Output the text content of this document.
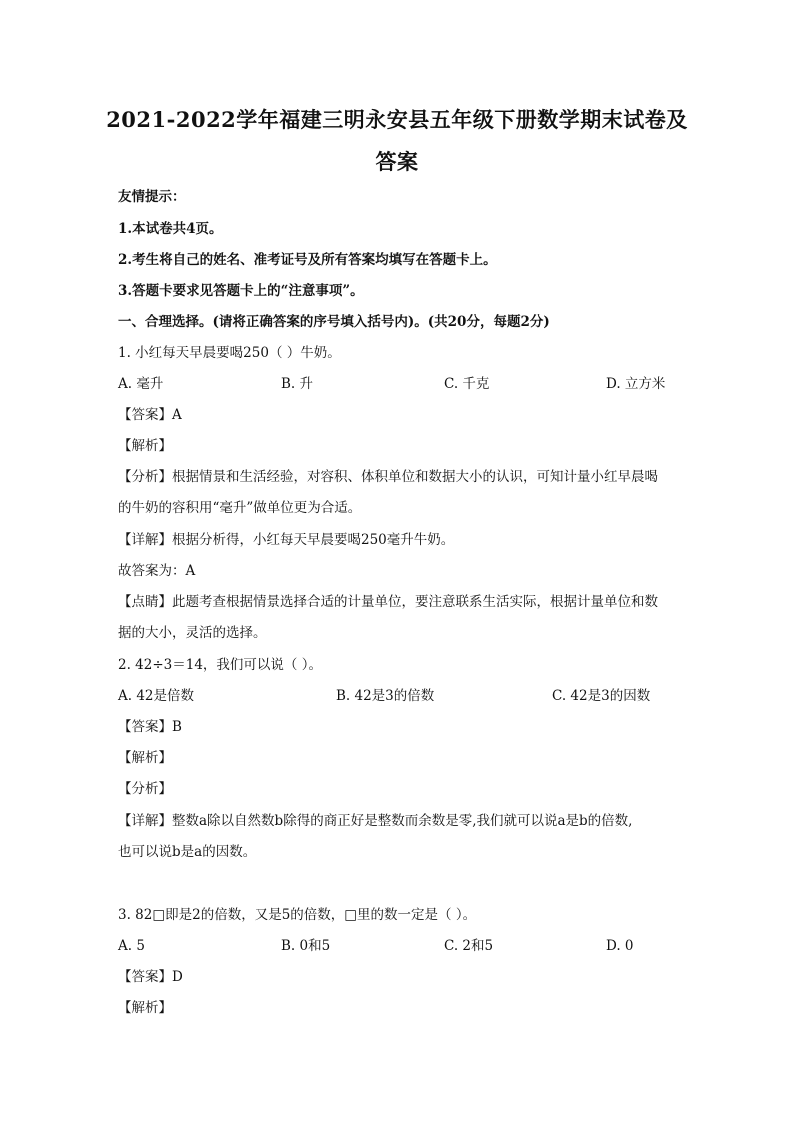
2021-2022学年福建三明永安县五年级下册数学期末试卷及
答案
友情提示：
1.本试卷共4页。
2.考生将自己的姓名、准考证号及所有答案均填写在答题卡上。
3.答题卡要求见答题卡上的“注意事项”。
一、合理选择。(请将正确答案的序号填入括号内)。(共20分，每题2分)
1. 小红每天早晨要喝250（ ）牛奶。
A. 毫升	B. 升	C. 千克	D. 立方米
【答案】A
【解析】
【分析】根据情景和生活经验，对容积、体积单位和数据大小的认识，可知计量小红早晨喝
的牛奶的容积用“毫升”做单位更为合适。
【详解】根据分析得，小红每天早晨要喝250毫升牛奶。
故答案为：A
【点睛】此题考查根据情景选择合适的计量单位，要注意联系生活实际，根据计量单位和数
据的大小，灵活的选择。
2. 42÷3＝14，我们可以说（ ）。
A. 42是倍数	B. 42是3的倍数	C. 42是3的因数
【答案】B
【解析】
【分析】
【详解】整数a除以自然数b除得的商正好是整数而余数是零,我们就可以说a是b的倍数,
也可以说b是a的因数。
3. 82□即是2的倍数，又是5的倍数，□里的数一定是（ ）。
A. 5	B. 0和5	C. 2和5	D. 0
【答案】D
【解析】
